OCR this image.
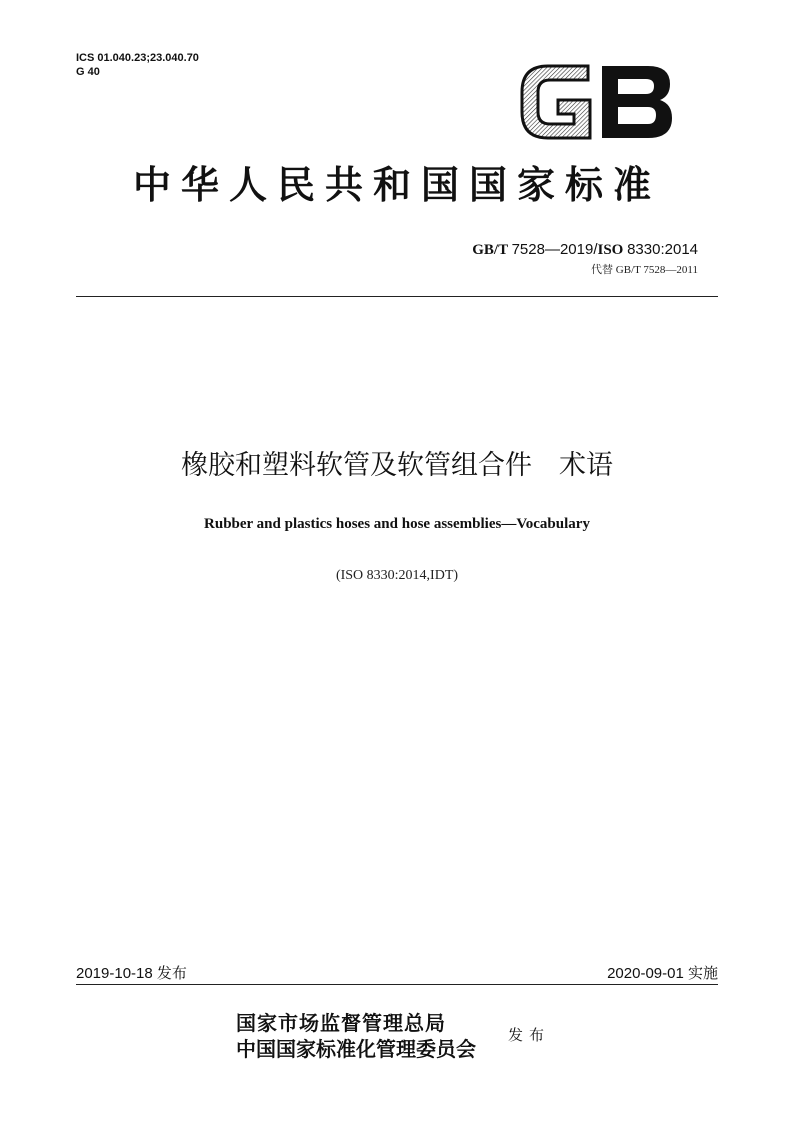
ICS 01.040.23;23.040.70
G 40
中华人民共和国国家标准
GB/T 7528—2019/ISO 8330:2014
代替 GB/T 7528—2011
橡胶和塑料软管及软管组合件　术语
Rubber and plastics hoses and hose assemblies—Vocabulary
(ISO 8330:2014,IDT)
2019-10-18 发布	2020-09-01 实施
国家市场监督管理总局
中国国家标准化管理委员会
发布
